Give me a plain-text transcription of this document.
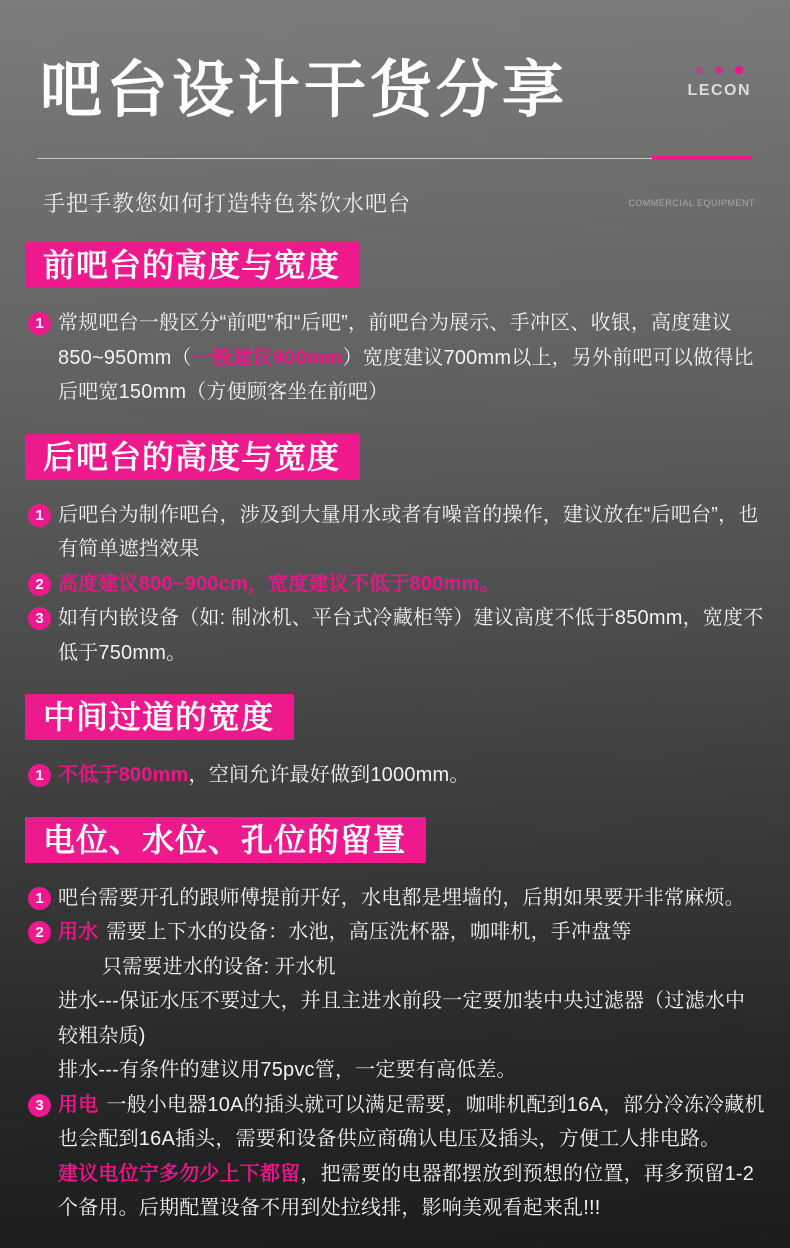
吧台设计干货分享	LECON
手把手教您如何打造特色茶饮水吧台	COMMERCIAL EQUIPMENT
前吧台的高度与宽度
1 常规吧台一般区分“前吧”和“后吧”，前吧台为展示、手冲区、收银，高度建议850~950mm（一般建议900mm）宽度建议700mm以上，另外前吧可以做得比后吧宽150mm（方便顾客坐在前吧）

后吧台的高度与宽度
1 后吧台为制作吧台，涉及到大量用水或者有噪音的操作，建议放在“后吧台”，也有简单遮挡效果

2 高度建议800~900cm，宽度建议不低于800mm。

3 如有内嵌设备（如: 制冰机、平台式冷藏柜等）建议高度不低于850mm，宽度不低于750mm。

中间过道的宽度
1 不低于800mm，空间允许最好做到1000mm。

电位、水位、孔位的留置
1 吧台需要开孔的跟师傅提前开好，水电都是埋墙的，后期如果要开非常麻烦。

2 用水 需要上下水的设备：水池，高压洗杯器，咖啡机，手冲盘等

只需要进水的设备: 开水机

进水---保证水压不要过大，并且主进水前段一定要加装中央过滤器（过滤水中较粗杂质)

排水---有条件的建议用75pvc管，一定要有高低差。

3 用电 一般小电器10A的插头就可以满足需要，咖啡机配到16A，部分冷冻冷藏机也会配到16A插头，需要和设备供应商确认电压及插头，方便工人排电路。
建议电位宁多勿少上下都留，把需要的电器都摆放到预想的位置，再多预留1-2个备用。后期配置设备不用到处拉线排，影响美观看起来乱!!!
